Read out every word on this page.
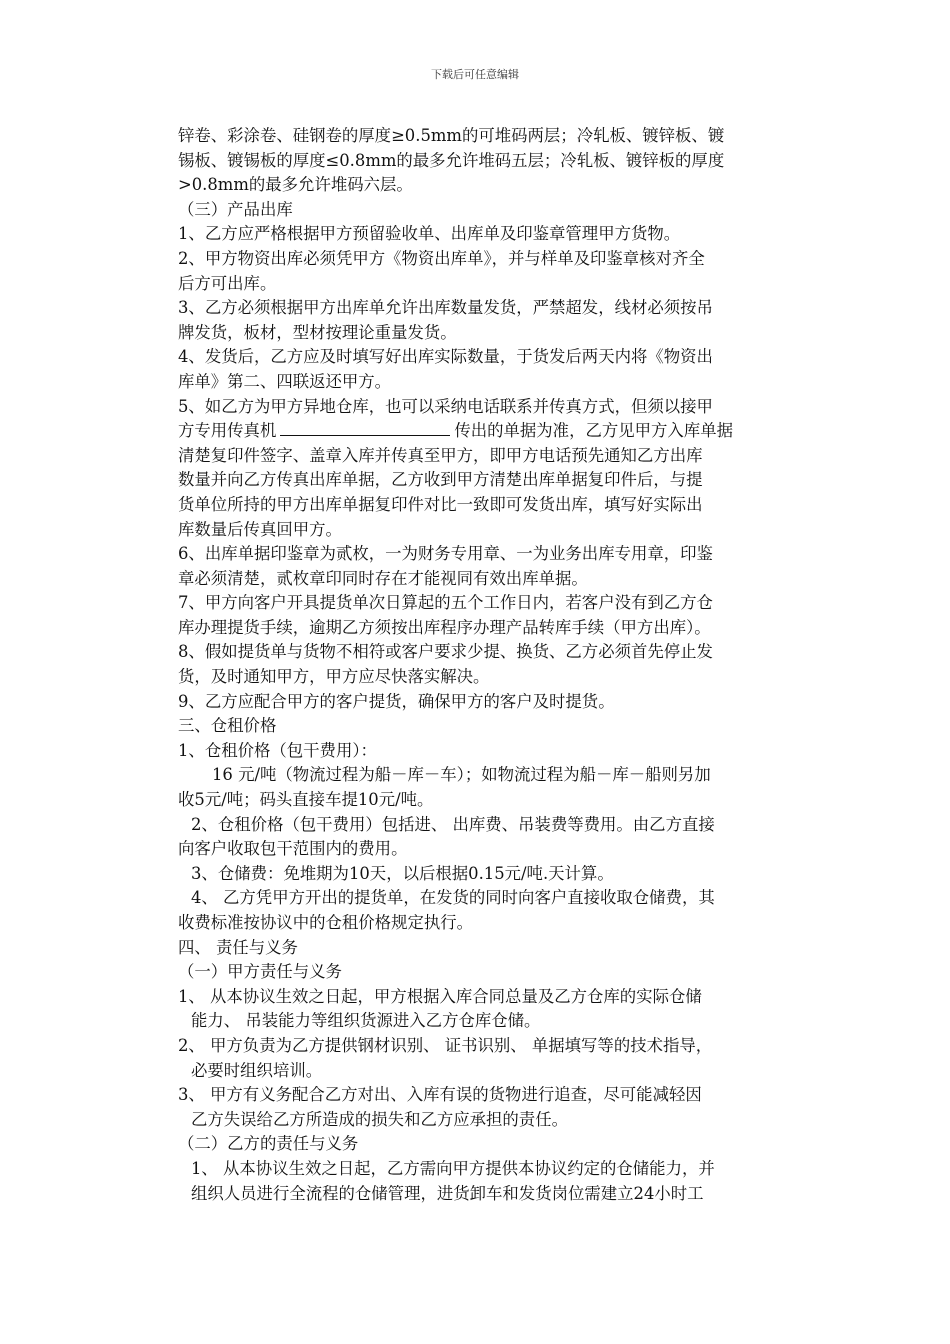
下载后可任意编辑

锌卷、彩涂卷、硅钢卷的厚度≥0.5mm的可堆码两层；冷轧板、镀锌板、镀

锡板、镀锡板的厚度≤0.8mm的最多允许堆码五层；冷轧板、镀锌板的厚度

>0.8mm的最多允许堆码六层。

（三）产品出库

1、乙方应严格根据甲方预留验收单、出库单及印鉴章管理甲方货物。

2、甲方物资出库必须凭甲方《物资出库单》，并与样单及印鉴章核对齐全

后方可出库。

3、乙方必须根据甲方出库单允许出库数量发货，严禁超发，线材必须按吊

牌发货，板材，型材按理论重量发货。

4、发货后，乙方应及时填写好出库实际数量，于货发后两天内将《物资出

库单》第二、四联返还甲方。

5、如乙方为甲方异地仓库，也可以采纳电话联系并传真方式，但须以接甲

方专用传真机	传出的单据为准，乙方见甲方入库单据

清楚复印件签字、盖章入库并传真至甲方，即甲方电话预先通知乙方出库

数量并向乙方传真出库单据，乙方收到甲方清楚出库单据复印件后，与提

货单位所持的甲方出库单据复印件对比一致即可发货出库，填写好实际出

库数量后传真回甲方。

6、出库单据印鉴章为贰枚，一为财务专用章、一为业务出库专用章，印鉴

章必须清楚，贰枚章印同时存在才能视同有效出库单据。

7、甲方向客户开具提货单次日算起的五个工作日内，若客户没有到乙方仓

库办理提货手续，逾期乙方须按出库程序办理产品转库手续（甲方出库）。

8、假如提货单与货物不相符或客户要求少提、换货、乙方必须首先停止发

货，及时通知甲方，甲方应尽快落实解决。

9、乙方应配合甲方的客户提货，确保甲方的客户及时提货。

三、仓租价格

1、仓租价格（包干费用）：

16 元/吨（物流过程为船－库－车）；如物流过程为船－库－船则另加

收5元/吨；码头直接车提10元/吨。

2、仓租价格（包干费用）包括进、 出库费、吊装费等费用。由乙方直接

向客户收取包干范围内的费用。

3、仓储费：免堆期为10天，以后根据0.15元/吨.天计算。

4、 乙方凭甲方开出的提货单，在发货的同时向客户直接收取仓储费，其

收费标准按协议中的仓租价格规定执行。

四、 责任与义务

（一）甲方责任与义务

1、 从本协议生效之日起，甲方根据入库合同总量及乙方仓库的实际仓储

能力、 吊装能力等组织货源进入乙方仓库仓储。

2、 甲方负责为乙方提供钢材识别、 证书识别、 单据填写等的技术指导，

必要时组织培训。

3、 甲方有义务配合乙方对出、入库有误的货物进行追查，尽可能减轻因

乙方失误给乙方所造成的损失和乙方应承担的责任。

（二）乙方的责任与义务

1、 从本协议生效之日起，乙方需向甲方提供本协议约定的仓储能力，并

组织人员进行全流程的仓储管理，进货卸车和发货岗位需建立24小时工
